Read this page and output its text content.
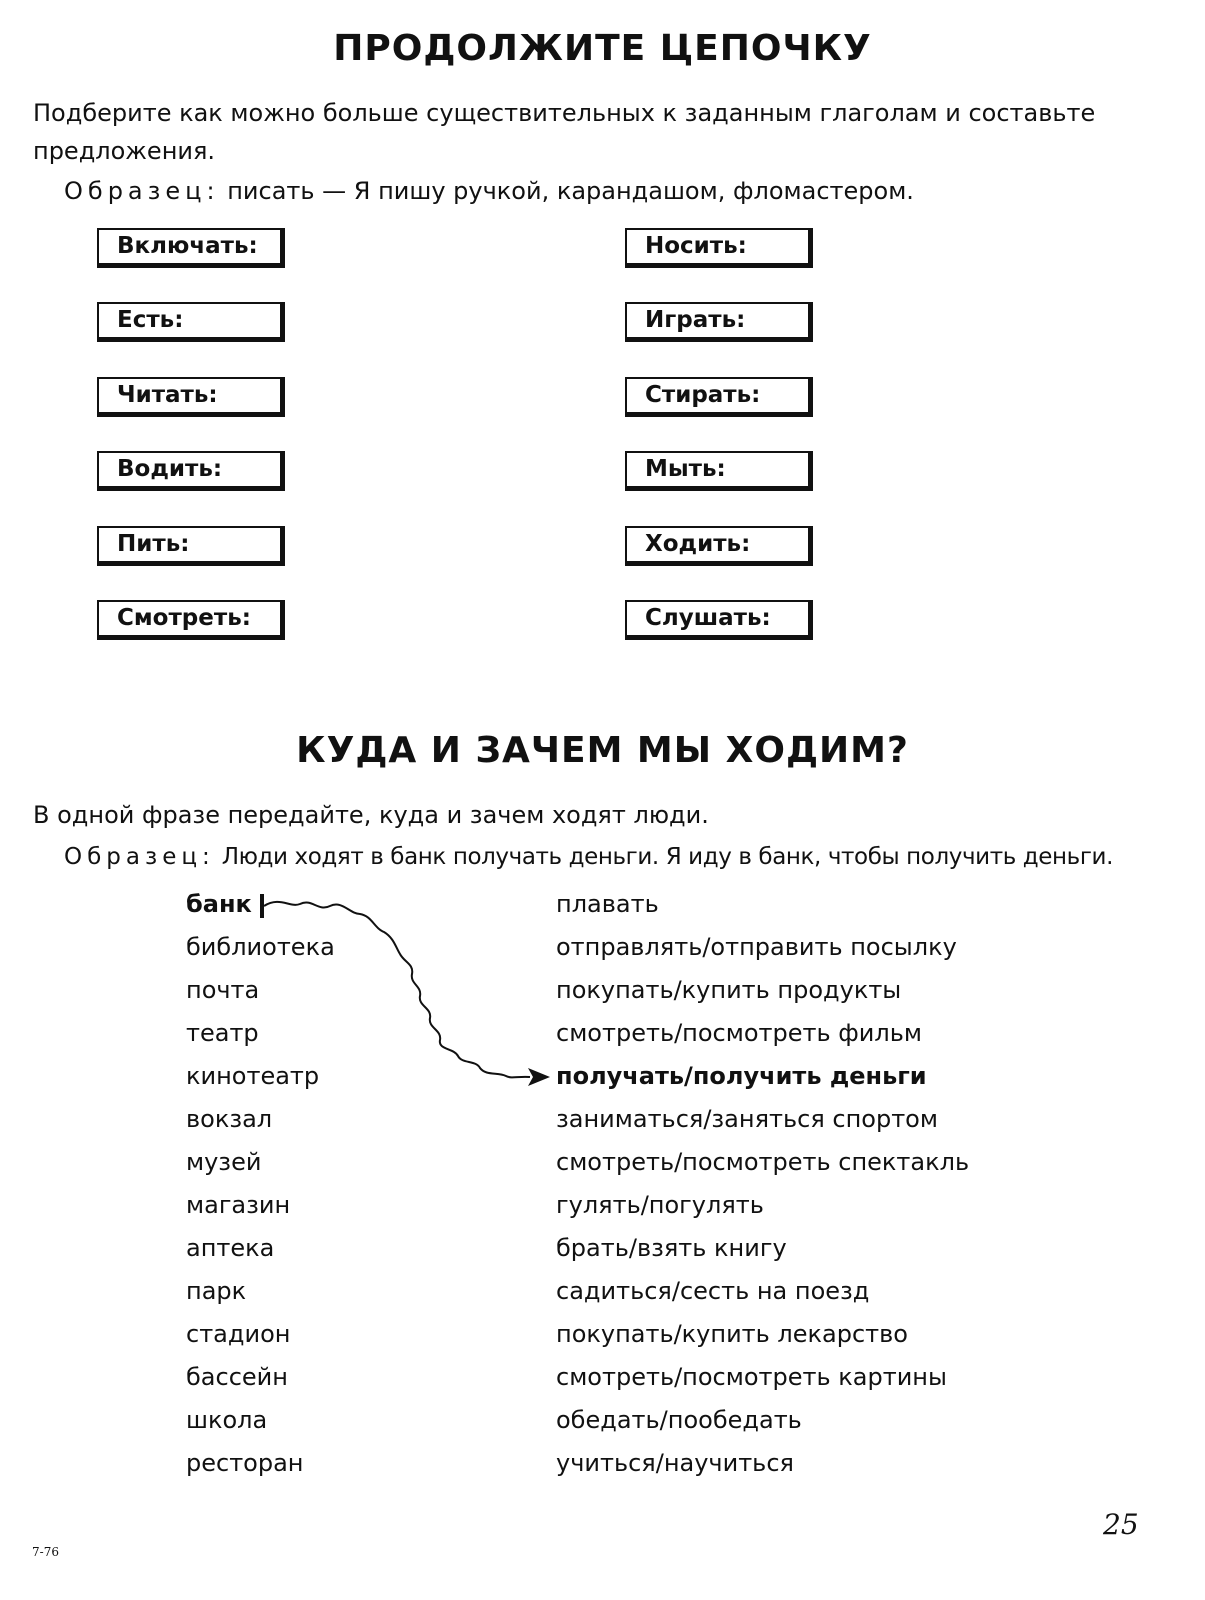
ПРОДОЛЖИТЕ ЦЕПОЧКУ

Подберите как можно больше существительных к заданным глаголам и составьте предложения.

Образец: писать — Я пишу ручкой, карандашом, фломастером.

Включать:
Есть:
Читать:
Водить:
Пить:
Смотреть:
Носить:
Играть:
Стирать:
Мыть:
Ходить:
Слушать:
КУДА И ЗАЧЕМ МЫ ХОДИМ?

В одной фразе передайте, куда и зачем ходят люди.

Образец: Люди ходят в банк получать деньги. Я иду в банк, чтобы получить деньги.

банк
библиотека
почта
театр
кинотеатр
вокзал
музей
магазин
аптека
парк
стадион
бассейн
школа
ресторан
плавать
отправлять/отправить посылку
покупать/купить продукты
смотреть/посмотреть фильм
получать/получить деньги
заниматься/заняться спортом
смотреть/посмотреть спектакль
гулять/погулять
брать/взять книгу
садиться/сесть на поезд
покупать/купить лекарство
смотреть/посмотреть картины
обедать/пообедать
учиться/научиться
7-76
25
